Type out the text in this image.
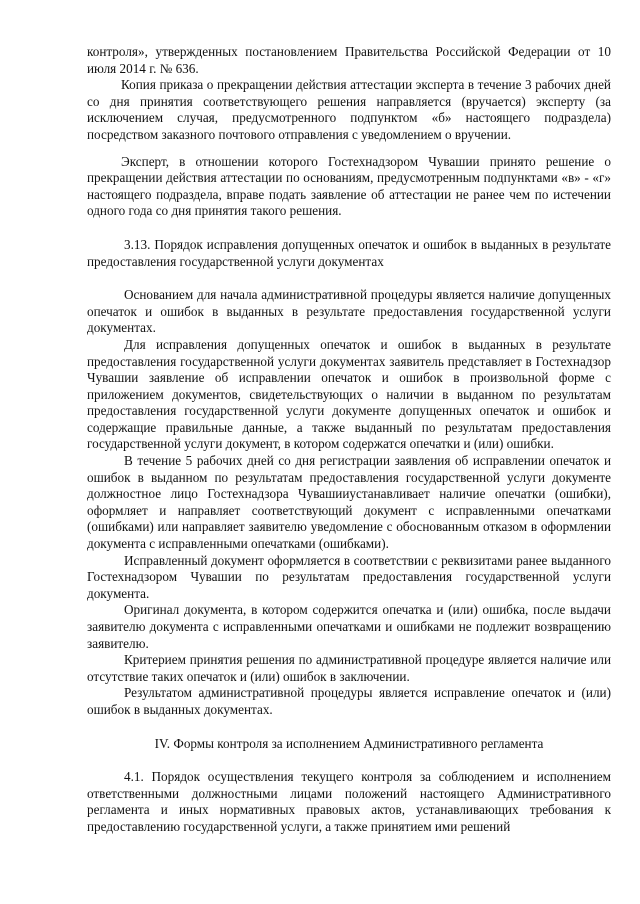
контроля», утвержденных постановлением Правительства Российской Федерации от 10 июля 2014 г. № 636.

Копия приказа о прекращении действия аттестации эксперта в течение 3 рабочих дней со дня принятия соответствующего решения направляется (вручается) эксперту (за исключением случая, предусмотренного подпунктом «б» настоящего подраздела) посредством заказного почтового отправления с уведомлением о вручении.

Эксперт, в отношении которого Гостехнадзором Чувашии принято решение о прекращении действия аттестации по основаниям, предусмотренным подпунктами «в» - «г» настоящего подраздела, вправе подать заявление об аттестации не ранее чем по истечении одного года со дня принятия такого решения.

3.13. Порядок исправления допущенных опечаток и ошибок в выданных в результате предоставления государственной услуги документах

Основанием для начала административной процедуры является наличие допущенных опечаток и ошибок в выданных в результате предоставления государственной услуги документах.

Для исправления допущенных опечаток и ошибок в выданных в результате предоставления государственной услуги документах заявитель представляет в Гостехнадзор Чувашии заявление об исправлении опечаток и ошибок в произвольной форме с приложением документов, свидетельствующих о наличии в выданном по результатам предоставления государственной услуги документе допущенных опечаток и ошибок и содержащие правильные данные, а также выданный по результатам предоставления государственной услуги документ, в котором содержатся опечатки и (или) ошибки.

В течение 5 рабочих дней со дня регистрации заявления об исправлении опечаток и ошибок в выданном по результатам предоставления государственной услуги документе должностное лицо Гостехнадзора Чувашииустанавливает наличие опечатки (ошибки), оформляет и направляет соответствующий документ с исправленными опечатками (ошибками) или направляет заявителю уведомление с обоснованным отказом в оформлении документа с исправленными опечатками (ошибками).

Исправленный документ оформляется в соответствии с реквизитами ранее выданного Гостехнадзором Чувашии по результатам предоставления государственной услуги документа.

Оригинал документа, в котором содержится опечатка и (или) ошибка, после выдачи заявителю документа с исправленными опечатками и ошибками не подлежит возвращению заявителю.

Критерием принятия решения по административной процедуре является наличие или отсутствие таких опечаток и (или) ошибок в заключении.

Результатом административной процедуры является исправление опечаток и (или) ошибок в выданных документах.

IV. Формы контроля за исполнением Административного регламента

4.1. Порядок осуществления текущего контроля за соблюдением и исполнением ответственными должностными лицами положений настоящего Административного регламента и иных нормативных правовых актов, устанавливающих требования к предоставлению государственной услуги, а также принятием ими решений
